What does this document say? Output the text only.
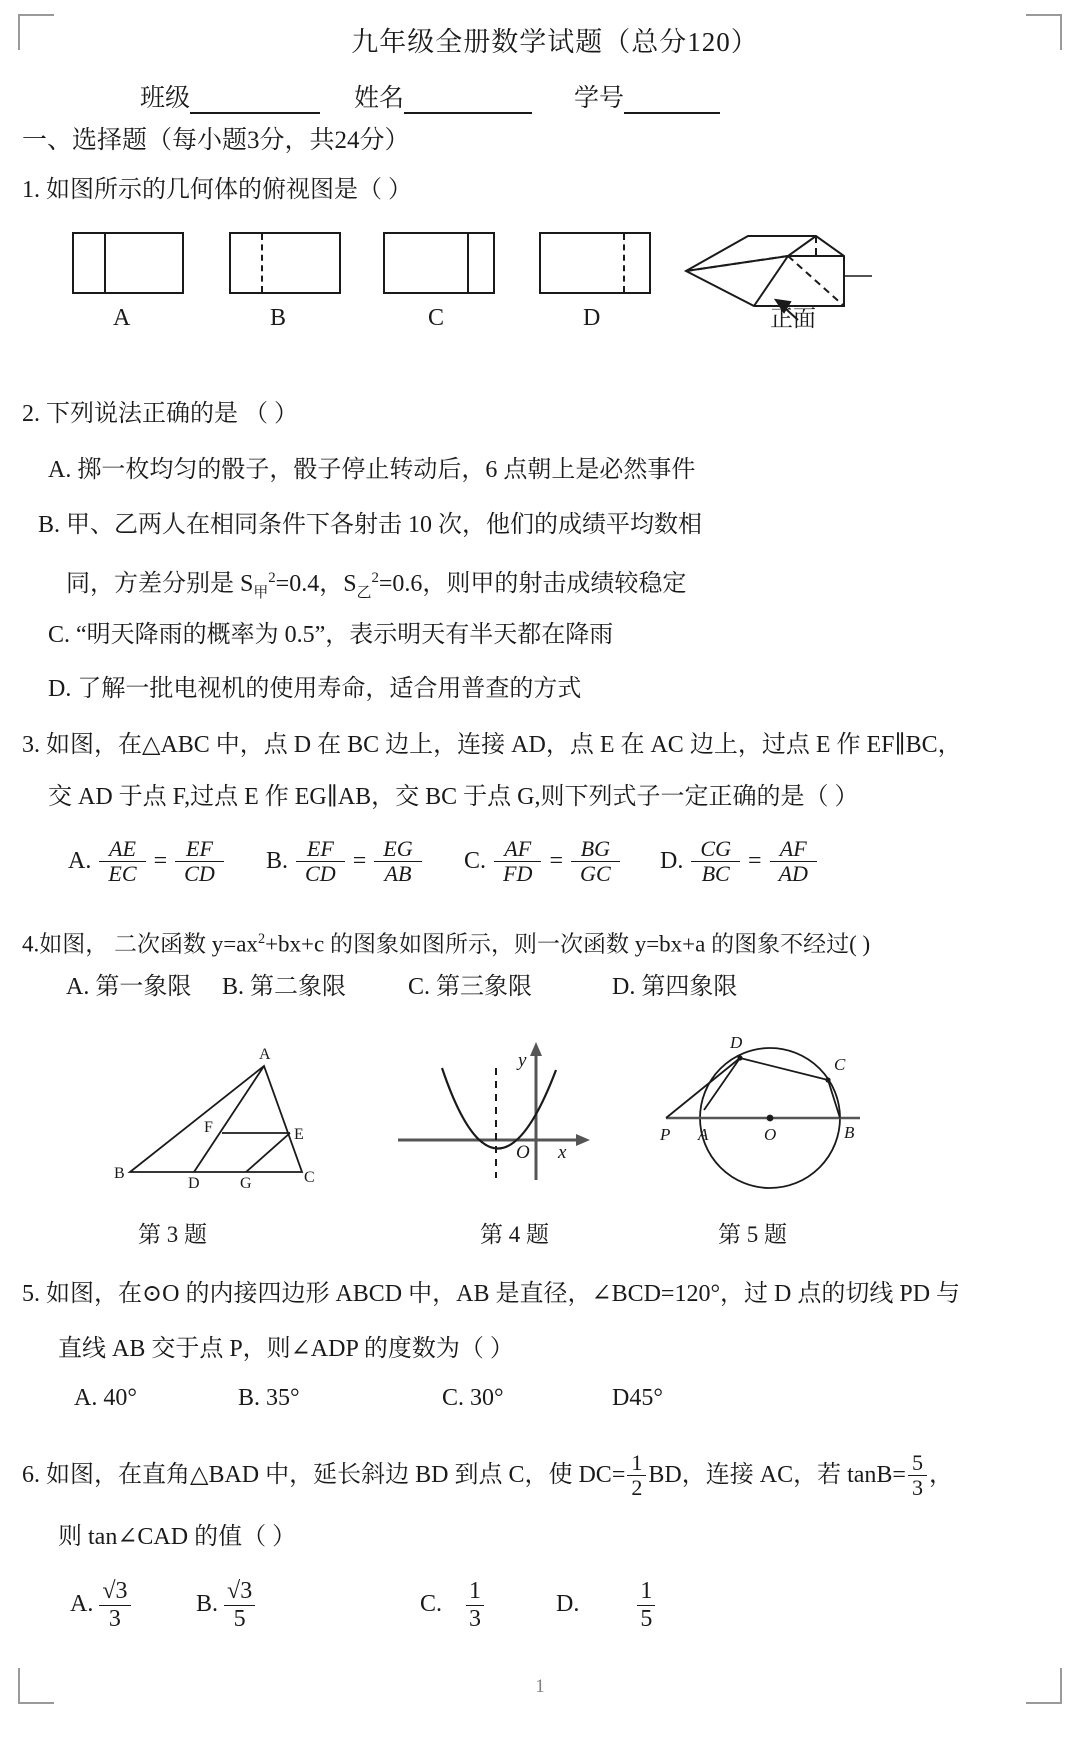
九年级全册数学试题（总分120）
班级	姓名	学号
一、选择题（每小题3分，共24分）
1. 如图所示的几何体的俯视图是（ ）
A	B	C	D	正面
2. 下列说法正确的是 （ ）
A. 掷一枚均匀的骰子，骰子停止转动后，6 点朝上是必然事件
B. 甲、乙两人在相同条件下各射击 10 次，他们的成绩平均数相
同，方差分别是 $S_甲^2=0.4$，$S_乙^2=0.6$，则甲的射击成绩较稳定
C. “明天降雨的概率为 0.5”，表示明天有半天都在降雨
D. 了解一批电视机的使用寿命，适合用普查的方式
3. 如图，在△ABC 中，点 D 在 BC 边上，连接 AD，点 E 在 AC 边上，过点 E 作 EF∥BC，
交 AD 于点 F,过点 E 作 EG∥AB，交 BC 于点 G,则下列式子一定正确的是（ ）
A. $\frac{AE}{EC} = \frac{EF}{CD} B$. $\frac{EF}{CD} = \frac{EG}{AB} C$. $\frac{AF}{FD} = \frac{BG}{GC} D$. $\frac{CG}{BC} = \frac{AF}{AD}$
4.如图， 二次函数 $y=ax^2+bx+c$ 的图象如图所示，则一次函数 y=bx+a 的图象不经过( )
A. 第一象限 B. 第二象限	C. 第三象限	D. 第四象限
A
B	C
D
E
F
G
y
x
O
D
C
P A	O	B
第 3 题	第 4 题	第 5 题
5. 如图，在⊙O 的内接四边形 ABCD 中，AB 是直径，∠BCD=120°，过 D 点的切线 PD 与
直线 AB 交于点 P，则∠ADP 的度数为（ ）
A. 40°	B. 35°	C. 30°	D45°
6. 如图，在直角△BAD 中，延长斜边 BD 到点 C，使 $DC= \frac{1}{2}$ BD，连接 AC，若 $\tan B= \frac{5}{3}$ ，
则 tan∠CAD 的值（ ）
A. $\frac{√3}{3}$	B. $\frac{√3}{5}$	C. $\frac{1}{3}$	D. $\frac{1}{5}$
1
